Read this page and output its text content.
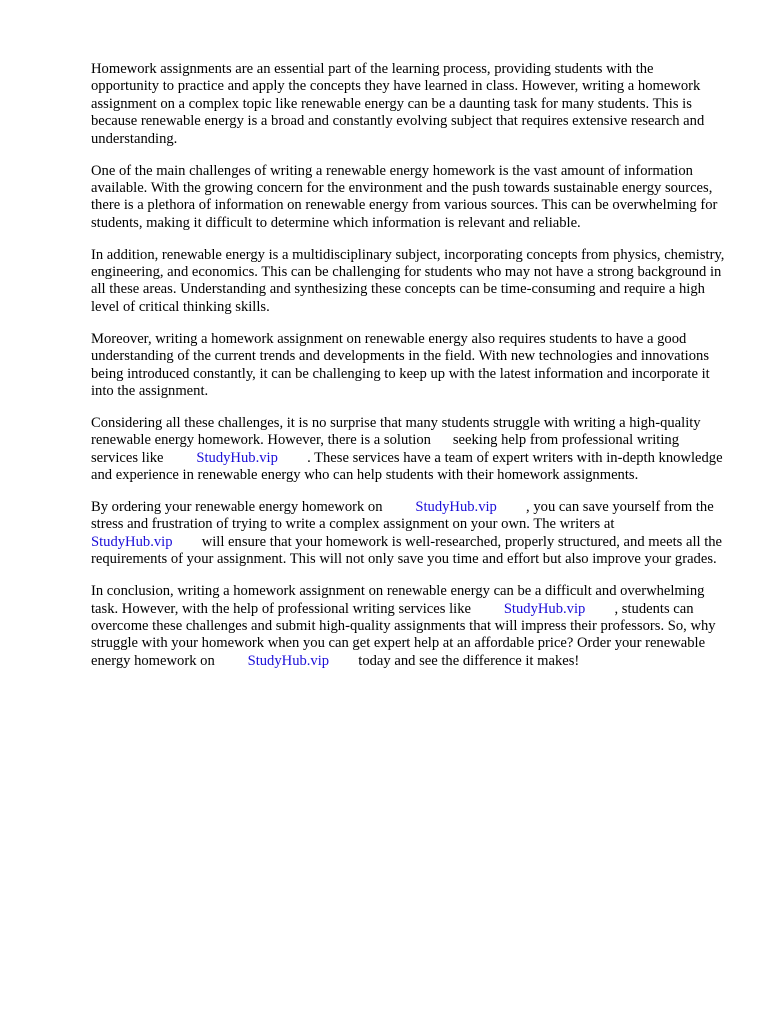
Homework assignments are an essential part of the learning process, providing students with the opportunity to practice and apply the concepts they have learned in class. However, writing a homework assignment on a complex topic like renewable energy can be a daunting task for many students. This is because renewable energy is a broad and constantly evolving subject that requires extensive research and understanding.

One of the main challenges of writing a renewable energy homework is the vast amount of information available. With the growing concern for the environment and the push towards sustainable energy sources, there is a plethora of information on renewable energy from various sources. This can be overwhelming for students, making it difficult to determine which information is relevant and reliable.

In addition, renewable energy is a multidisciplinary subject, incorporating concepts from physics, chemistry, engineering, and economics. This can be challenging for students who may not have a strong background in all these areas. Understanding and synthesizing these concepts can be time-consuming and require a high level of critical thinking skills.

Moreover, writing a homework assignment on renewable energy also requires students to have a good understanding of the current trends and developments in the field. With new technologies and innovations being introduced constantly, it can be challenging to keep up with the latest information and incorporate it into the assignment.

Considering all these challenges, it is no surprise that many students struggle with writing a high-quality renewable energy homework. However, there is a solution   seeking help from professional writing services like   StudyHub.vip  . These services have a team of expert writers with in-depth knowledge and experience in renewable energy who can help students with their homework assignments.

By ordering your renewable energy homework on   StudyHub.vip  , you can save yourself from the stress and frustration of trying to write a complex assignment on your own. The writers at StudyHub.vip  will ensure that your homework is well-researched, properly structured, and meets all the requirements of your assignment. This will not only save you time and effort but also improve your grades.

In conclusion, writing a homework assignment on renewable energy can be a difficult and overwhelming task. However, with the help of professional writing services like   StudyHub.vip  , students can overcome these challenges and submit high-quality assignments that will impress their professors. So, why struggle with your homework when you can get expert help at an affordable price? Order your renewable energy homework on   StudyHub.vip  today and see the difference it makes!
